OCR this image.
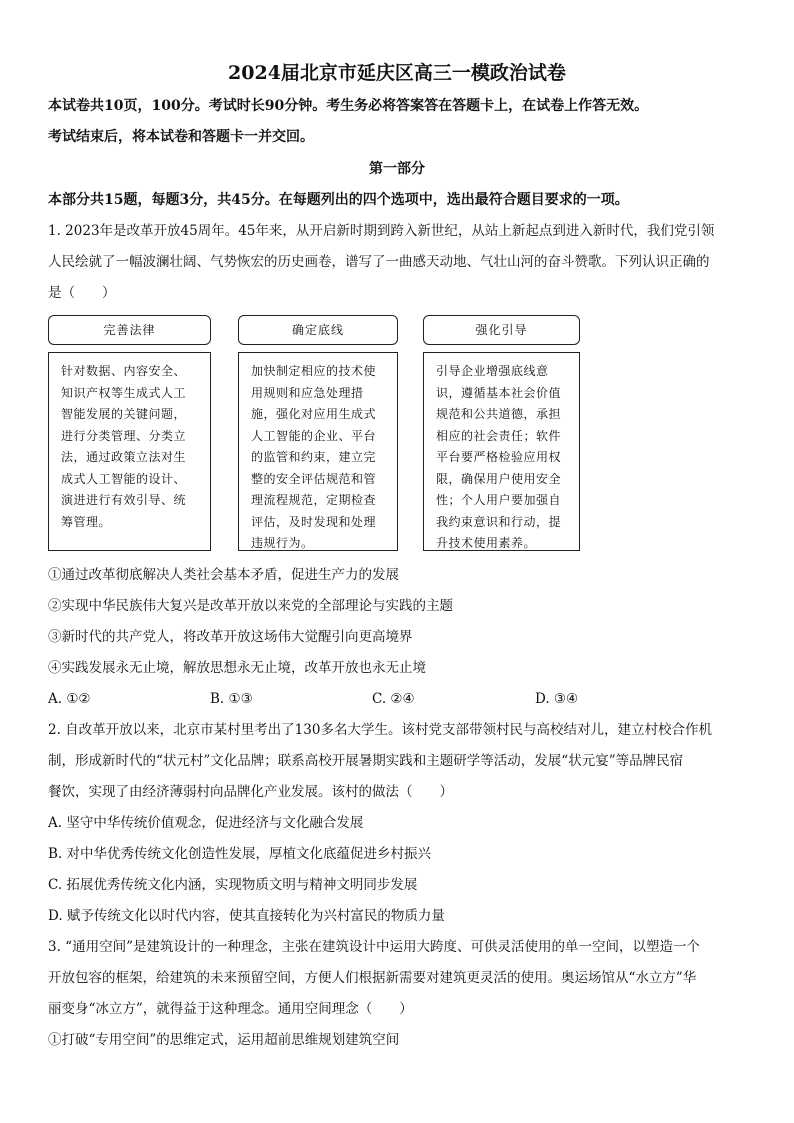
2024届北京市延庆区高三一模政治试卷
本试卷共10页，100分。考试时长90分钟。考生务必将答案答在答题卡上，在试卷上作答无效。
考试结束后，将本试卷和答题卡一并交回。
第一部分
本部分共15题，每题3分，共45分。在每题列出的四个选项中，选出最符合题目要求的一项。
1. 2023年是改革开放45周年。45年来，从开启新时期到跨入新世纪，从站上新起点到进入新时代，我们党引领
人民绘就了一幅波澜壮阔、气势恢宏的历史画卷，谱写了一曲感天动地、气壮山河的奋斗赞歌。下列认识正确的
是（　　）
完善法律	确定底线	强化引导
针对数据、内容安全、知识产权等生成式人工智能发展的关键问题，进行分类管理、分类立法，通过政策立法对生成式人工智能的设计、演进进行有效引导、统筹管理。
加快制定相应的技术使用规则和应急处理措施，强化对应用生成式人工智能的企业、平台的监管和约束，建立完整的安全评估规范和管理流程规范，定期检查评估，及时发现和处理违规行为。
引导企业增强底线意识，遵循基本社会价值规范和公共道德，承担相应的社会责任；软件平台要严格检验应用权限，确保用户使用安全性；个人用户要加强自我约束意识和行动，提升技术使用素养。
①通过改革彻底解决人类社会基本矛盾，促进生产力的发展
②实现中华民族伟大复兴是改革开放以来党的全部理论与实践的主题
③新时代的共产党人，将改革开放这场伟大觉醒引向更高境界
④实践发展永无止境，解放思想永无止境，改革开放也永无止境
A. ①②	B. ①③	C. ②④	D. ③④
2. 自改革开放以来，北京市某村里考出了130多名大学生。该村党支部带领村民与高校结对儿，建立村校合作机
制，形成新时代的“状元村”文化品牌；联系高校开展暑期实践和主题研学等活动，发展“状元宴”等品牌民宿
餐饮，实现了由经济薄弱村向品牌化产业发展。该村的做法（　　）
A. 坚守中华传统价值观念，促进经济与文化融合发展
B. 对中华优秀传统文化创造性发展，厚植文化底蕴促进乡村振兴
C. 拓展优秀传统文化内涵，实现物质文明与精神文明同步发展
D. 赋予传统文化以时代内容，使其直接转化为兴村富民的物质力量
3. “通用空间”是建筑设计的一种理念，主张在建筑设计中运用大跨度、可供灵活使用的单一空间，以塑造一个
开放包容的框架，给建筑的未来预留空间，方便人们根据新需要对建筑更灵活的使用。奥运场馆从“水立方”华
丽变身“冰立方”，就得益于这种理念。通用空间理念（　　）
①打破“专用空间”的思维定式，运用超前思维规划建筑空间
